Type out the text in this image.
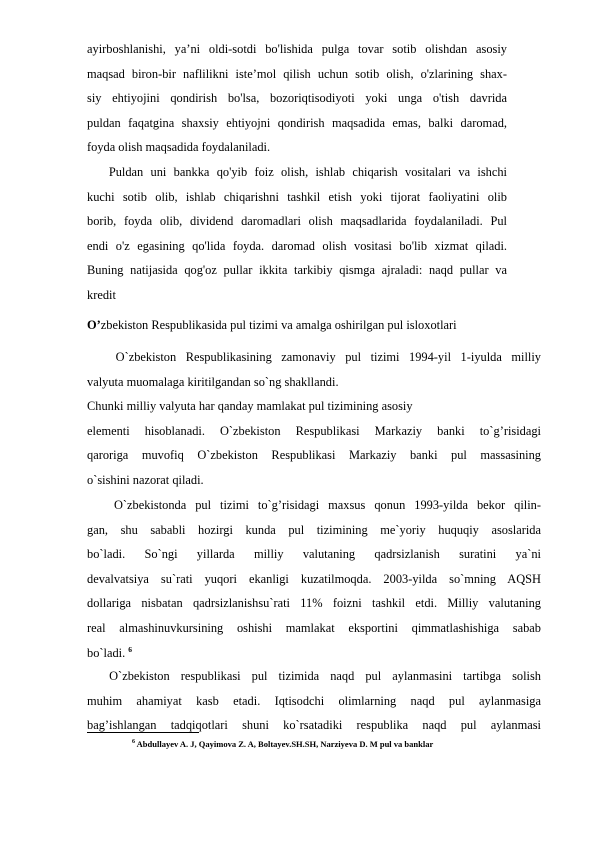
ayirboshlanishi, ya’ni oldi-sotdi bo'lishida pulga tovar sotib olishdan asosiy
maqsad biron-bir naflilikni iste’mol qilish uchun sotib olish, o'zlarining shax-
siy ehtiyojini qondirish bo'lsa, bozoriqtisodiyoti yoki unga o'tish davrida
puldan faqatgina shaxsiy ehtiyojni qondirish maqsadida emas, balki daromad,
foyda olish maqsadida foydalaniladi.
Puldan uni bankka qo'yib foiz olish, ishlab chiqarish vositalari va ishchi
kuchi sotib olib, ishlab chiqarishni tashkil etish yoki tijorat faoliyatini olib
borib, foyda olib, dividend daromadlari olish maqsadlarida foydalaniladi. Pul
endi o'z egasining qo'lida foyda. daromad olish vositasi bo'lib xizmat qiladi.
Buning natijasida qog'oz pullar ikkita tarkibiy qismga ajraladi: naqd pullar va
kredit
O’zbekiston Respublikasida pul tizimi va amalga oshirilgan pul isloxotlari
O`zbekiston Respublikasining zamonaviy pul tizimi 1994-yil 1-iyulda milliy
valyuta muomalaga kiritilgandan so`ng shakllandi.
Chunki milliy valyuta har qanday mamlakat pul tizimining asosiy
elementi hisoblanadi. O`zbekiston Respublikasi Markaziy banki to`g’risidagi
qaroriga muvofiq O`zbekiston Respublikasi Markaziy banki pul massasining
o`sishini nazorat qiladi.
O`zbekistonda pul tizimi to`g’risidagi maxsus qonun 1993-yilda bekor qilin-
gan, shu sababli hozirgi kunda pul tizimining me`yoriy huquqiy asoslarida
bo`ladi. So`ngi yillarda milliy valutaning qadrsizlanish suratini ya`ni
devalvatsiya su`rati yuqori ekanligi kuzatilmoqda. 2003-yilda so`mning AQSH
dollariga nisbatan qadrsizlanishsu`rati 11% foizni tashkil etdi. Milliy valutaning
real almashinuvkursining oshishi mamlakat eksportini qimmatlashishiga sabab
bo`ladi. $^6$
O`zbekiston respublikasi pul tizimida naqd pul aylanmasini tartibga solish
muhim ahamiyat kasb etadi. Iqtisodchi olimlarning naqd pul aylanmasiga
bag’ishlangan tadqiqotlari shuni ko`rsatadiki respublika naqd pul aylanmasi
$^6$ Abdullayev A. J, Qayimova Z. A, Boltayev.SH.SH, Narziyeva D. M pul va banklar
